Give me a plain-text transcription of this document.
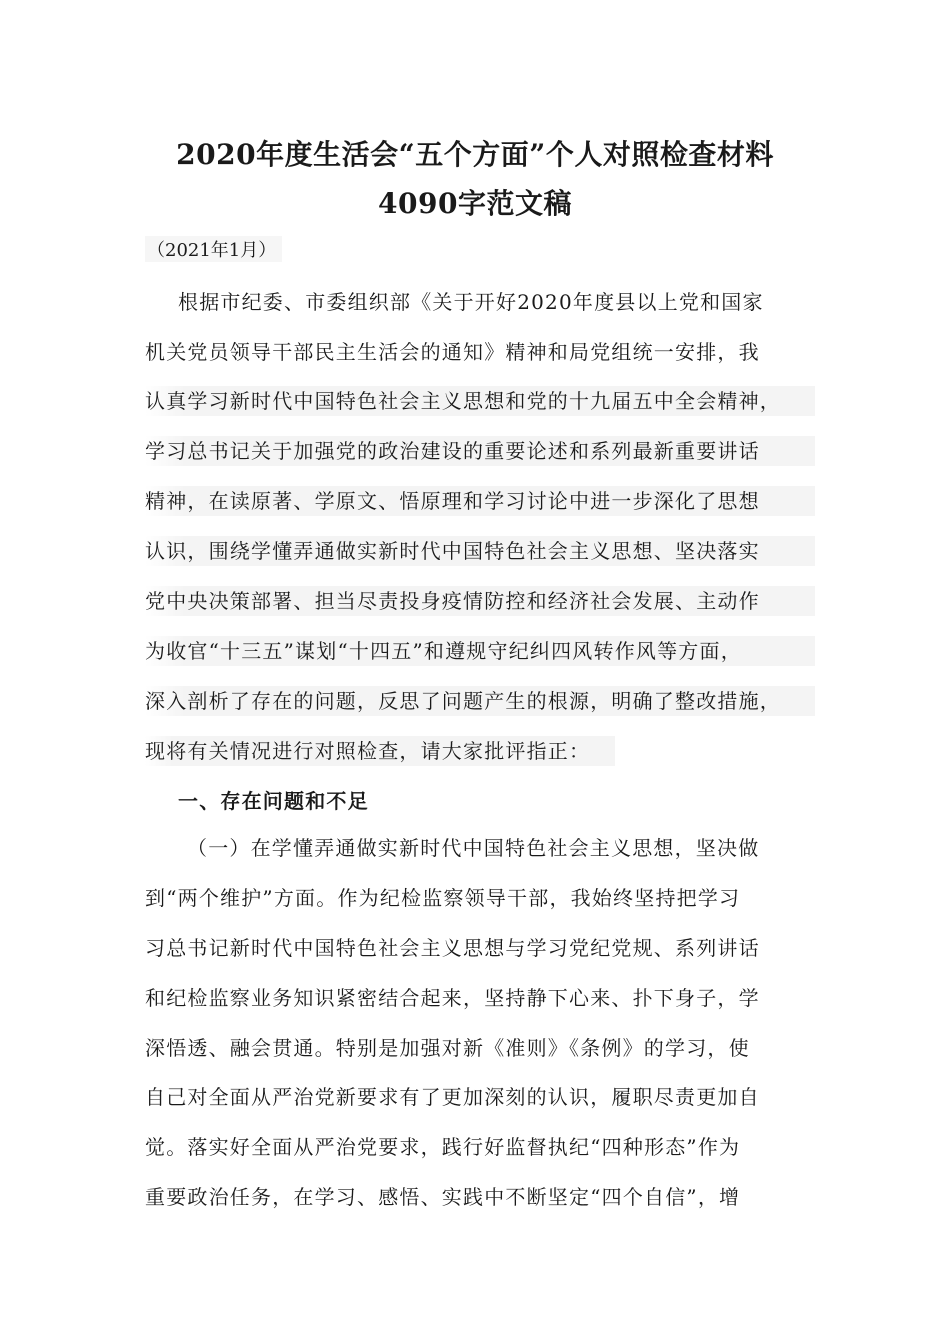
2020年度生活会“五个方面”个人对照检查材料
4090字范文稿
（2021年1月）
根据市纪委、市委组织部《关于开好2020年度县以上党和国家
机关党员领导干部民主生活会的通知》精神和局党组统一安排，我
认真学习新时代中国特色社会主义思想和党的十九届五中全会精神，
学习总书记关于加强党的政治建设的重要论述和系列最新重要讲话
精神，在读原著、学原文、悟原理和学习讨论中进一步深化了思想
认识，围绕学懂弄通做实新时代中国特色社会主义思想、坚决落实
党中央决策部署、担当尽责投身疫情防控和经济社会发展、主动作
为收官“十三五”谋划“十四五”和遵规守纪纠四风转作风等方面，
深入剖析了存在的问题，反思了问题产生的根源，明确了整改措施，
现将有关情况进行对照检查，请大家批评指正：
一、存在问题和不足
（一）在学懂弄通做实新时代中国特色社会主义思想，坚决做
到“两个维护”方面。作为纪检监察领导干部，我始终坚持把学习
习总书记新时代中国特色社会主义思想与学习党纪党规、系列讲话
和纪检监察业务知识紧密结合起来，坚持静下心来、扑下身子，学
深悟透、融会贯通。特别是加强对新《准则》《条例》的学习，使
自己对全面从严治党新要求有了更加深刻的认识，履职尽责更加自
觉。落实好全面从严治党要求，践行好监督执纪“四种形态”作为
重要政治任务，在学习、感悟、实践中不断坚定“四个自信”，增
